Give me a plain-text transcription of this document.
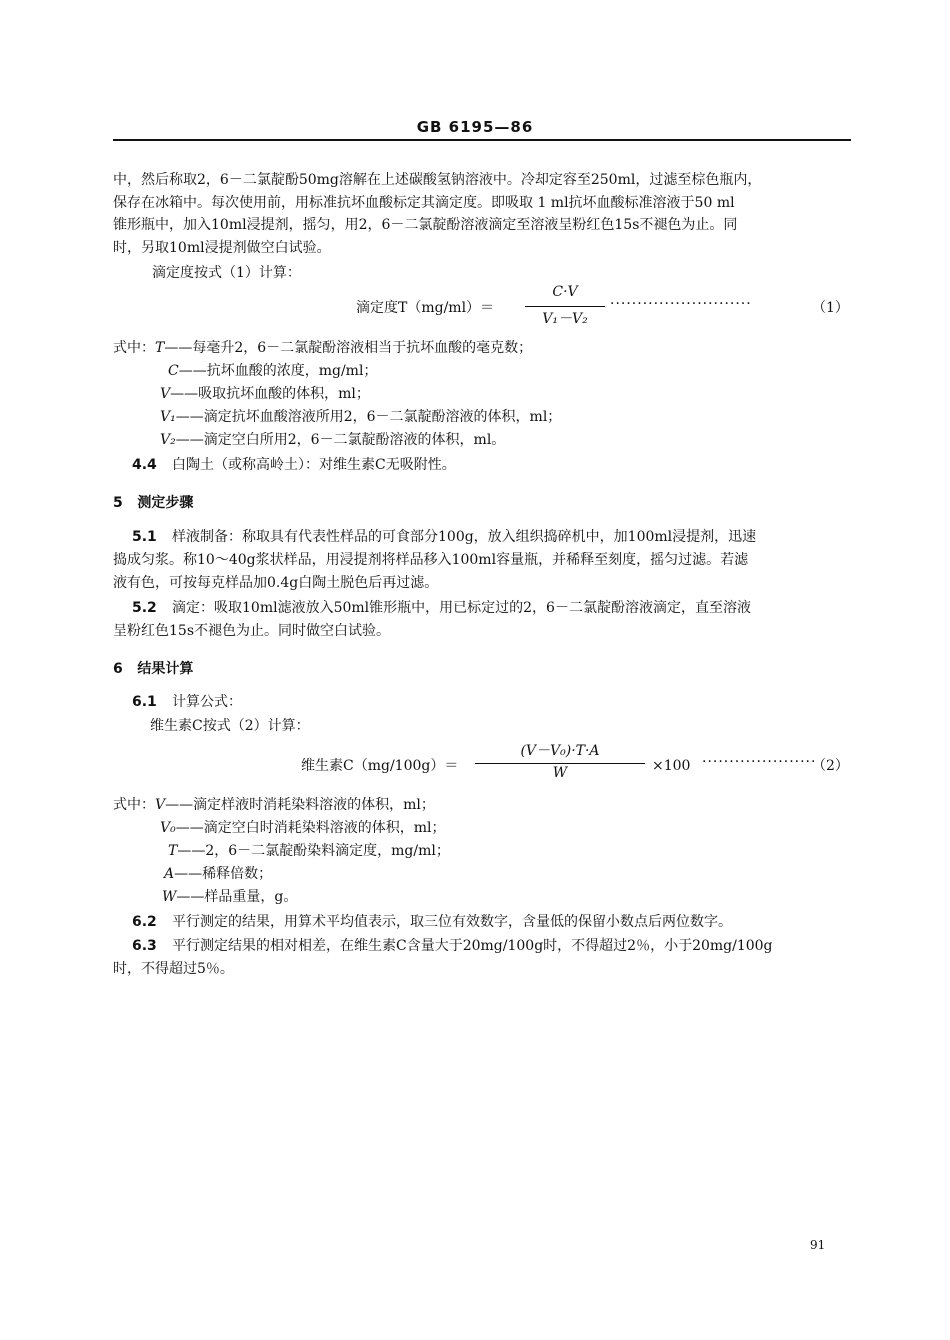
GB 6195—86
中，然后称取2，6－二氯靛酚50mg溶解在上述碳酸氢钠溶液中。冷却定容至250ml，过滤至棕色瓶内，
保存在冰箱中。每次使用前，用标准抗坏血酸标定其滴定度。即吸取 1 ml抗坏血酸标准溶液于50 ml
锥形瓶中，加入10ml浸提剂，摇匀，用2，6－二氯靛酚溶液滴定至溶液呈粉红色15s不褪色为止。同
时，另取10ml浸提剂做空白试验。
滴定度按式（1）计算：
滴定度T（mg/ml）＝
C·V
V₁－V₂
··························	（1）
式中：T——每毫升2，6－二氯靛酚溶液相当于抗坏血酸的毫克数；
C——抗坏血酸的浓度，mg/ml；
V——吸取抗坏血酸的体积，ml；
V₁——滴定抗坏血酸溶液所用2，6－二氯靛酚溶液的体积，ml；
V₂——滴定空白所用2，6－二氯靛酚溶液的体积，ml。
4.4 白陶土（或称高岭土）：对维生素C无吸附性。
5 测定步骤
5.1 样液制备：称取具有代表性样品的可食部分100g，放入组织捣碎机中，加100ml浸提剂，迅速
捣成匀浆。称10～40g浆状样品，用浸提剂将样品移入100ml容量瓶，并稀释至刻度，摇匀过滤。若滤
液有色，可按每克样品加0.4g白陶土脱色后再过滤。
5.2 滴定：吸取10ml滤液放入50ml锥形瓶中，用已标定过的2，6－二氯靛酚溶液滴定，直至溶液
呈粉红色15s不褪色为止。同时做空白试验。
6 结果计算
6.1 计算公式：
维生素C按式（2）计算：
维生素C（mg/100g）＝
(V－V₀)·T·A
W	×100 ·····················
（2）
式中：V——滴定样液时消耗染料溶液的体积，ml；
V₀——滴定空白时消耗染料溶液的体积，ml；
T——2，6－二氯靛酚染料滴定度，mg/ml；
A——稀释倍数；
W——样品重量，g。
6.2 平行测定的结果，用算术平均值表示，取三位有效数字，含量低的保留小数点后两位数字。
6.3 平行测定结果的相对相差，在维生素C含量大于20mg/100g时，不得超过2％，小于20mg/100g
时，不得超过5％。
91
